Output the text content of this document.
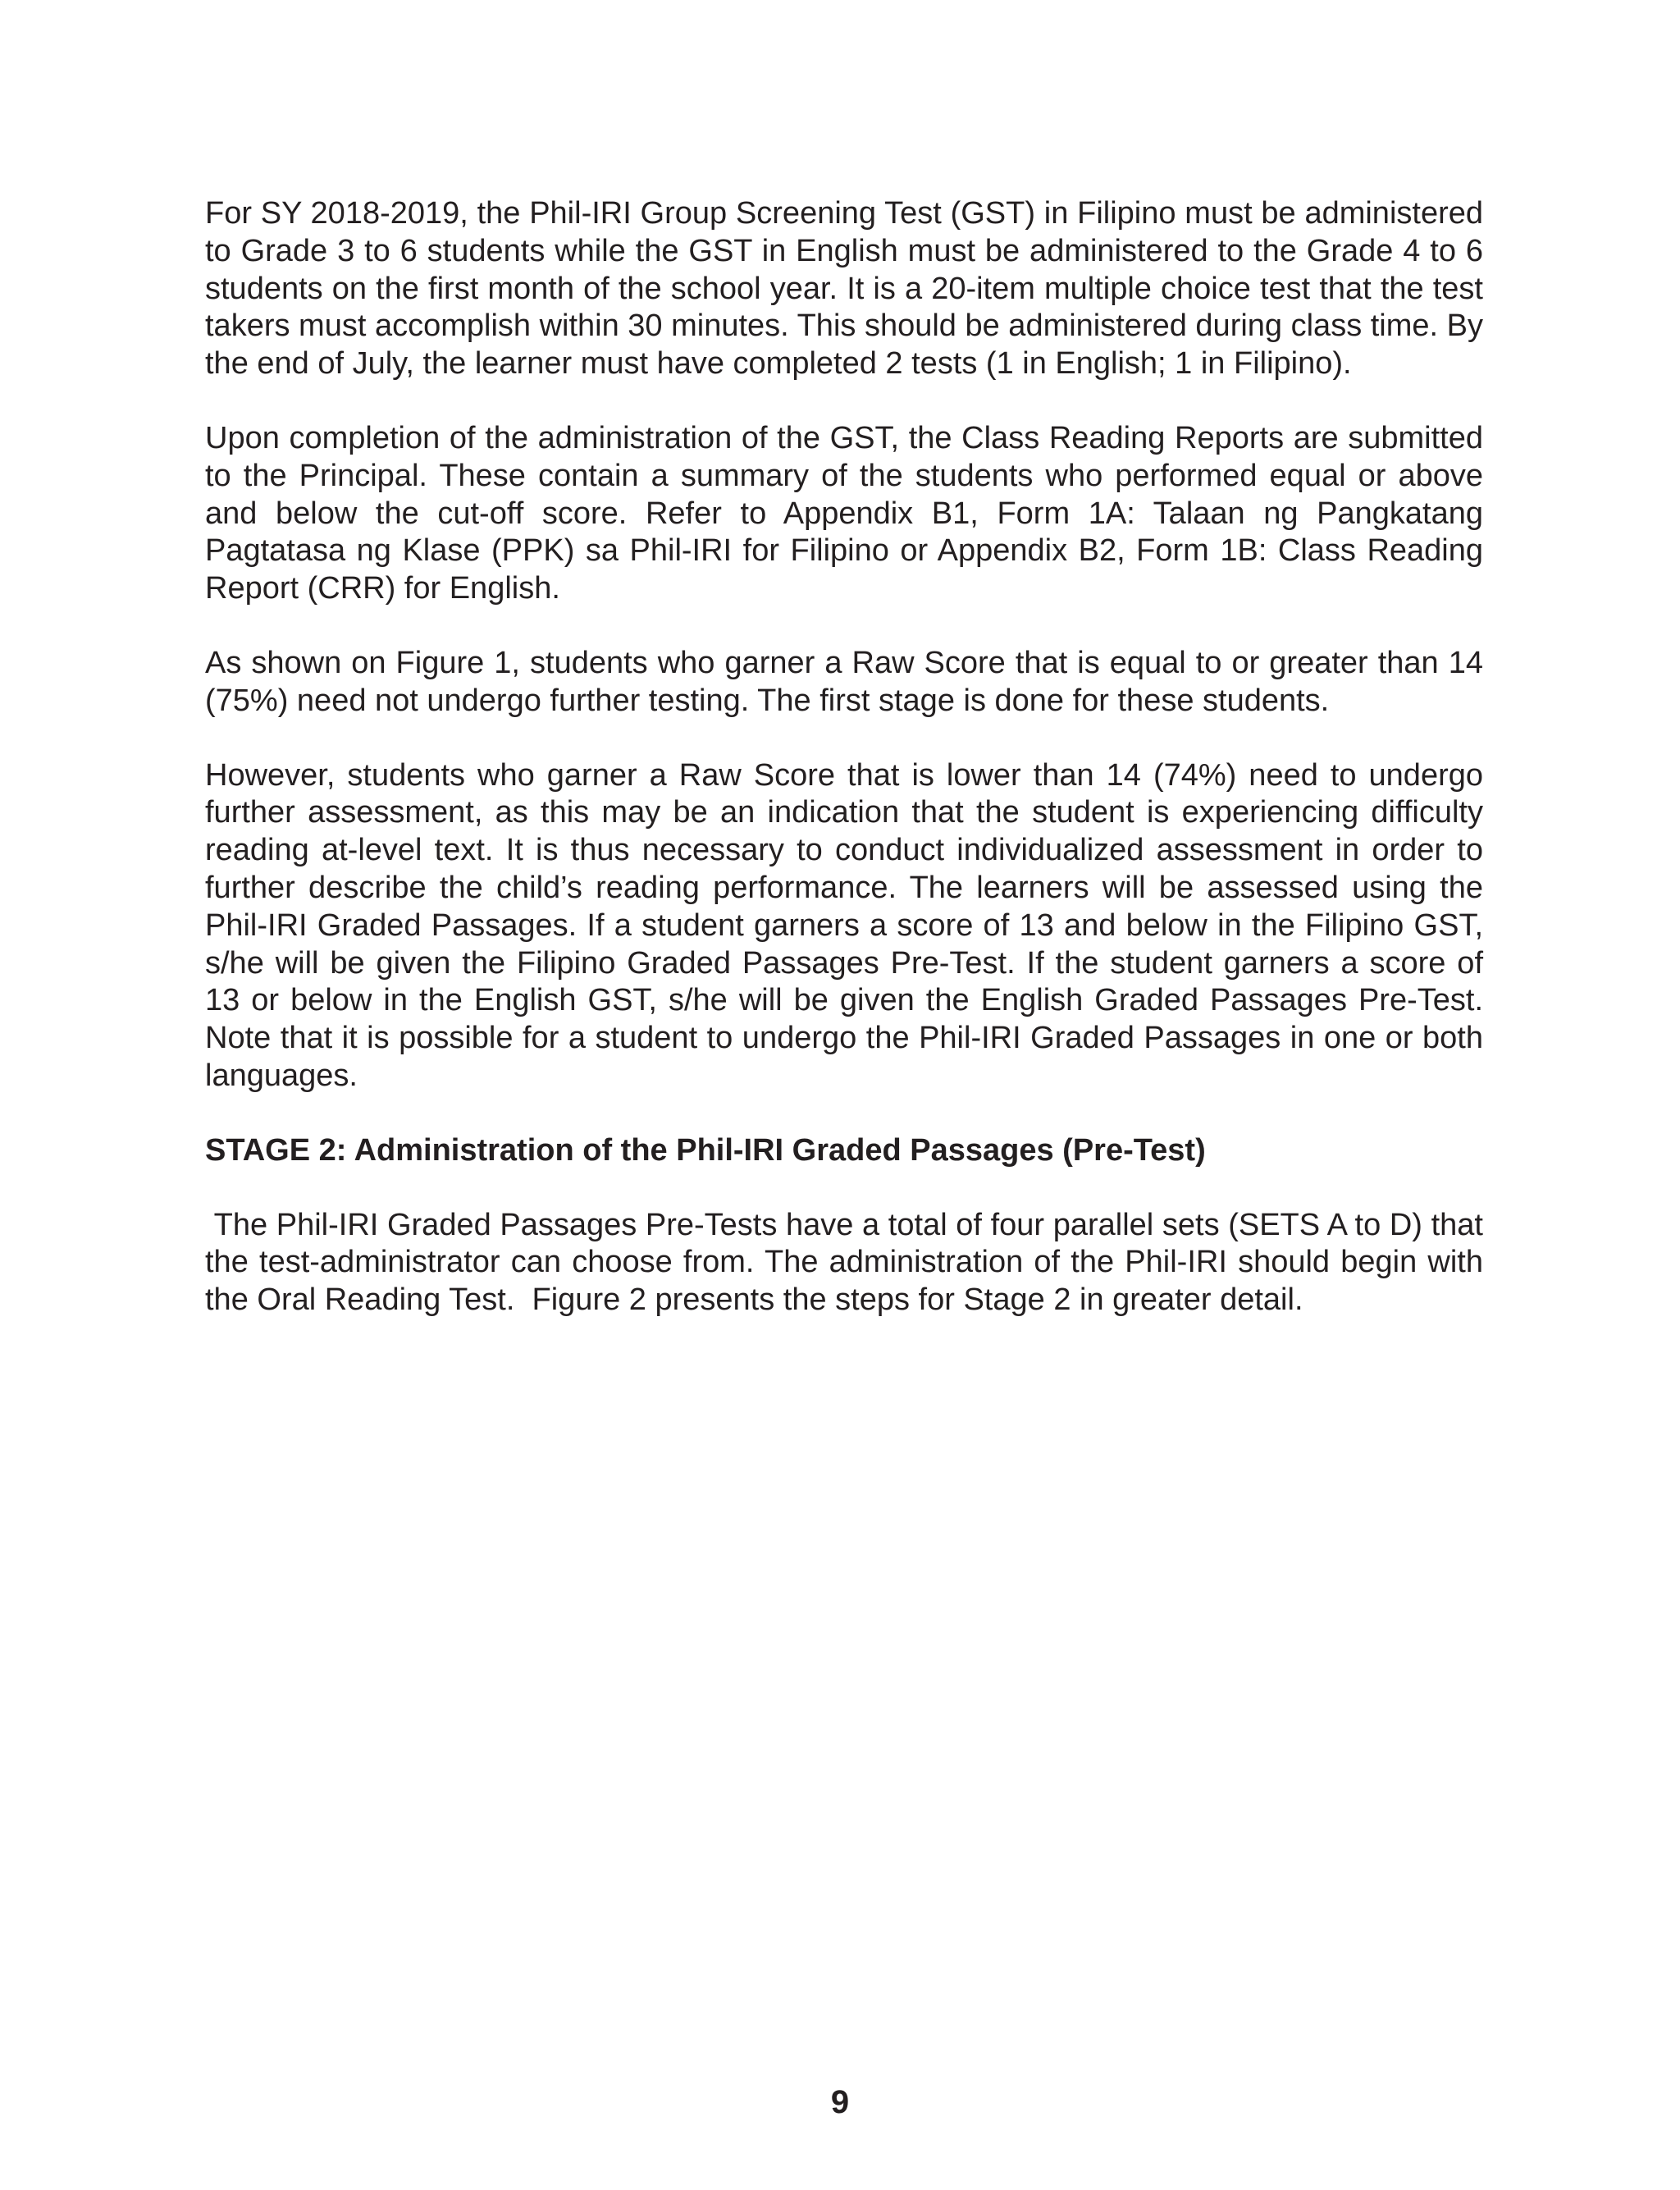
For SY 2018-2019, the Phil-IRI Group Screening Test (GST) in Filipino must be administered to Grade 3 to 6 students while the GST in English must be administered to the Grade 4 to 6 students on the first month of the school year. It is a 20-item multiple choice test that the test takers must accomplish within 30 minutes. This should be administered during class time. By the end of July, the learner must have completed 2 tests (1 in English; 1 in Filipino).

Upon completion of the administration of the GST, the Class Reading Reports are submitted to the Principal. These contain a summary of the students who performed equal or above and below the cut-off score. Refer to Appendix B1, Form 1A: Talaan ng Pangkatang Pagtatasa ng Klase (PPK) sa Phil-IRI for Filipino or Appendix B2, Form 1B: Class Reading Report (CRR) for English.

As shown on Figure 1, students who garner a Raw Score that is equal to or greater than 14 (75%) need not undergo further testing. The first stage is done for these students.

However, students who garner a Raw Score that is lower than 14 (74%) need to undergo further assessment, as this may be an indication that the student is experiencing difficulty reading at-level text. It is thus necessary to conduct individualized assessment in order to further describe the child’s reading performance. The learners will be assessed using the Phil-IRI Graded Passages. If a student garners a score of 13 and below in the Filipino GST, s/he will be given the Filipino Graded Passages Pre-Test. If the student garners a score of 13 or below in the English GST, s/he will be given the English Graded Passages Pre-Test. Note that it is possible for a student to undergo the Phil-IRI Graded Passages in one or both languages.

STAGE 2: Administration of the Phil-IRI Graded Passages (Pre-Test)

The Phil-IRI Graded Passages Pre-Tests have a total of four parallel sets (SETS A to D) that the test-administrator can choose from. The administration of the Phil-IRI should begin with the Oral Reading Test.  Figure 2 presents the steps for Stage 2 in greater detail.

9
